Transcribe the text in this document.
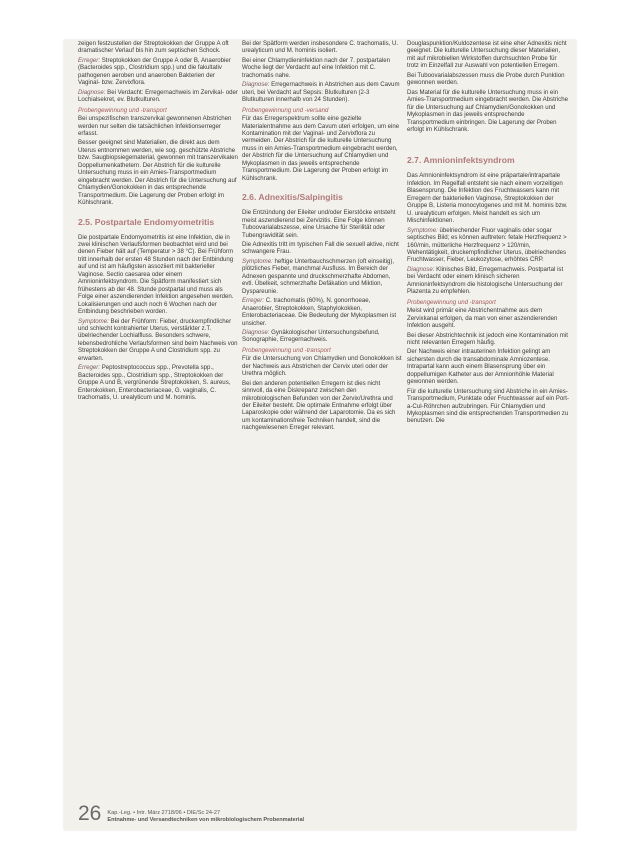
zeigen festzustellen der Streptokokken der Gruppe A oft dramatischer Verlauf bis hin zum septischen Schock.

Erreger: Streptokokken der Gruppe A oder B, Anaerobier (Bacteroides spp., Clostridium spp.) und die fakultativ pathogenen aeroben und anaeroben Bakterien der Vaginal- bzw. Zervixflora.

Diagnose: Bei Verdacht: Erregernachweis im Zervikal- oder Lochialsekret, ev. Blutkulturen.

Probengewinnung und -transport

Bei unspezifischen transzervikal gewonnenen Abstrichen werden nur selten die tatsächlichen Infektionserreger erfasst.

Besser geeignet sind Materialien, die direkt aus dem Uterus entnommen werden, wie sog. geschützte Abstriche bzw. Saugbiopsiegematerial, gewonnen mit transzervikalen Doppellumenkathetern. Der Abstrich für die kulturelle Untersuchung muss in ein Amies-Transportmedium eingebracht werden. Der Abstrich für die Untersuchung auf Chlamydien/Gonokokken in das entsprechende Transportmedium. Die Lagerung der Proben erfolgt im Kühlschrank.

2.5. Postpartale Endomyometritis

Die postpartale Endomyometritis ist eine Infektion, die in zwei klinischen Verlaufsformen beobachtet wird und bei denen Fieber hält auf (Temperatur > 38 °C). Bei Frühform tritt innerhalb der ersten 48 Stunden nach der Entbindung auf und ist am häufigsten assoziiert mit bakterieller Vaginose. Sectio caesarea oder einem Amnioninfektsyndrom. Die Spätform manifestiert sich frühestens ab der 48. Stunde postpartal und muss als Folge einer aszendierenden Infektion angesehen werden. Lokalisierungen und auch noch 6 Wochen nach der Entbindung beschrieben worden.

Symptome: Bei der Frühform: Fieber, druckempfindlicher und schlecht kontrahierter Uterus, verstärkter z.T. übelriechender Lochialfluss. Besonders schwere, lebensbedrohliche Verlaufsformen sind beim Nachweis von Streptokokken der Gruppe A und Clostridium spp. zu erwarten.

Erreger: Peptostreptococcus spp., Prevotella spp., Bacteroides spp., Clostridium spp., Streptokokken der Gruppe A und B, vergrünende Streptokokken, S. aureus, Enterokokken, Enterobacteriaceae, G. vaginalis, C. trachomatis, U. urealyticum und M. hominis.

Bei der Spätform werden insbesondere C. trachomatis, U. urealyticum und M. hominis isoliert.

Bei einer Chlamydieninfektion nach der 7. postpartalen Woche liegt der Verdacht auf eine Infektion mit C. trachomatis nahe.

Diagnose: Erregernachweis in Abstrichen aus dem Cavum uteri, bei Verdacht auf Sepsis: Blutkulturen (2-3 Blutkulturen innerhalb von 24 Stunden).

Probengewinnung und -versand

Für das Erregerspektrum sollte eine gezielte Materialentnahme aus dem Cavum uteri erfolgen, um eine Kontamination mit der Vaginal- und Zervixflora zu vermeiden. Der Abstrich für die kulturelle Untersuchung muss in ein Amies-Transportmedium eingebracht werden, der Abstrich für die Untersuchung auf Chlamydien und Mykoplasmen in das jeweils entsprechende Transportmedium. Die Lagerung der Proben erfolgt im Kühlschrank.

2.6. Adnexitis/Salpingitis

Die Entzündung der Eileiter und/oder Eierstöcke entsteht meist aszendierend bei Zervizitis. Eine Folge können Tuboovarialabszesse, eine Ursache für Sterilität oder Tubengravidität sein.

Die Adnexitis tritt im typischen Fall die sexuell aktive, nicht schwangere Frau.

Symptome: heftige Unterbauchschmerzen (oft einseitig), plötzliches Fieber, manchmal Ausfluss. Im Bereich der Adnexen gespannte und druckschmerzhafte Abdomen, evtl. Übelkeit, schmerzhafte Defäkation und Miktion, Dyspareunie.

Erreger: C. trachomatis (60%), N. gonorrhoeae, Anaerobier, Streptokokken, Staphylokokken, Enterobacteriaceae. Die Bedeutung der Mykoplasmen ist unsicher.

Diagnose: Gynäkologischer Untersuchungsbefund, Sonographie, Erregernachweis.

Probengewinnung und -transport

Für die Untersuchung von Chlamydien und Gonokokken ist der Nachweis aus Abstrichen der Cervix uteri oder der Urethra möglich.

Bei den anderen potentiellen Erregern ist dies nicht sinnvoll, da eine Diskrepanz zwischen den mikrobiologischen Befunden von der Zervix/Urethra und der Eileiter besteht. Die optimale Entnahme erfolgt über Laparoskopie oder während der Laparotomie. Da es sich um kontaminationsfreie Techniken handelt, sind die nachgewiesenen Erreger relevant.

Douglaspunktion/Kuldozentese ist eine eher Adnexitis nicht geeignet. Die kulturelle Untersuchung dieser Materialien, mit auf mikrobiellen Wirkstoffen durchsuchten Probe für trotz im Einzelfall zur Auswahl von potentiellen Erregern.

Bei Tuboovarialabszessen muss die Probe durch Punktion gewonnen werden.

Das Material für die kulturelle Untersuchung muss in ein Amies-Transportmedium eingebracht werden. Die Abstriche für die Untersuchung auf Chlamydien/Gonokokken und Mykoplasmen in das jeweils entsprechende Transportmedium einbringen. Die Lagerung der Proben erfolgt im Kühlschrank.

2.7. Amnioninfektsyndrom

Das Amnioninfektsyndrom ist eine präpartale/intrapartale Infektion. Im Regelfall entsteht sie nach einem vorzeitigen Blasensprung. Die Infektion des Fruchtwassers kann mit Erregern der bakteriellen Vaginose, Streptokokken der Gruppe B, Listeria monocytogenes und mit M. hominis bzw. U. urealyticum erfolgen. Meist handelt es sich um Mischinfektionen.

Symptome: übelriechender Fluor vaginalis oder sogar septisches Bild; es können auftreten: fetale Herzfrequenz > 160/min, mütterliche Herzfrequenz > 120/min, Wehentätigkeit, druckempfindlicher Uterus, übelriechendes Fruchtwasser, Fieber, Leukozytose, erhöhtes CRP.

Diagnose: Klinisches Bild, Erregernachweis. Postpartal ist bei Verdacht oder einem klinisch sicheren Amnioninfektsyndrom die histologische Untersuchung der Plazenta zu empfehlen.

Probengewinnung und -transport

Meist wird primär eine Abstrichentnahme aus dem Zervixkanal erfolgen, da man von einer aszendierenden Infektion ausgeht.

Bei dieser Abstrichtechnik ist jedoch eine Kontamination mit nicht relevanten Erregern häufig.

Der Nachweis einer intrauterinen Infektion gelingt am sichersten durch die transabdominale Amniozentese. Intrapartal kann auch einem Blasensprung über ein doppellumigen Katheter aus der Amnionhöhle Material gewonnen werden.

Für die kulturelle Untersuchung sind Abstriche in ein Amies-Transportmedium, Punktate oder Fruchtwasser auf ein Port-a-Cul-Röhrchen aufzubringen. Für Chlamydien und Mykoplasmen sind die entsprechenden Transportmedien zu benutzen. Die

26 Kap.-Leg. • Intr. März 2718/06 • DIE/Sc 24-27
Entnahme- und Versandtechniken von mikrobiologischem Probenmaterial
